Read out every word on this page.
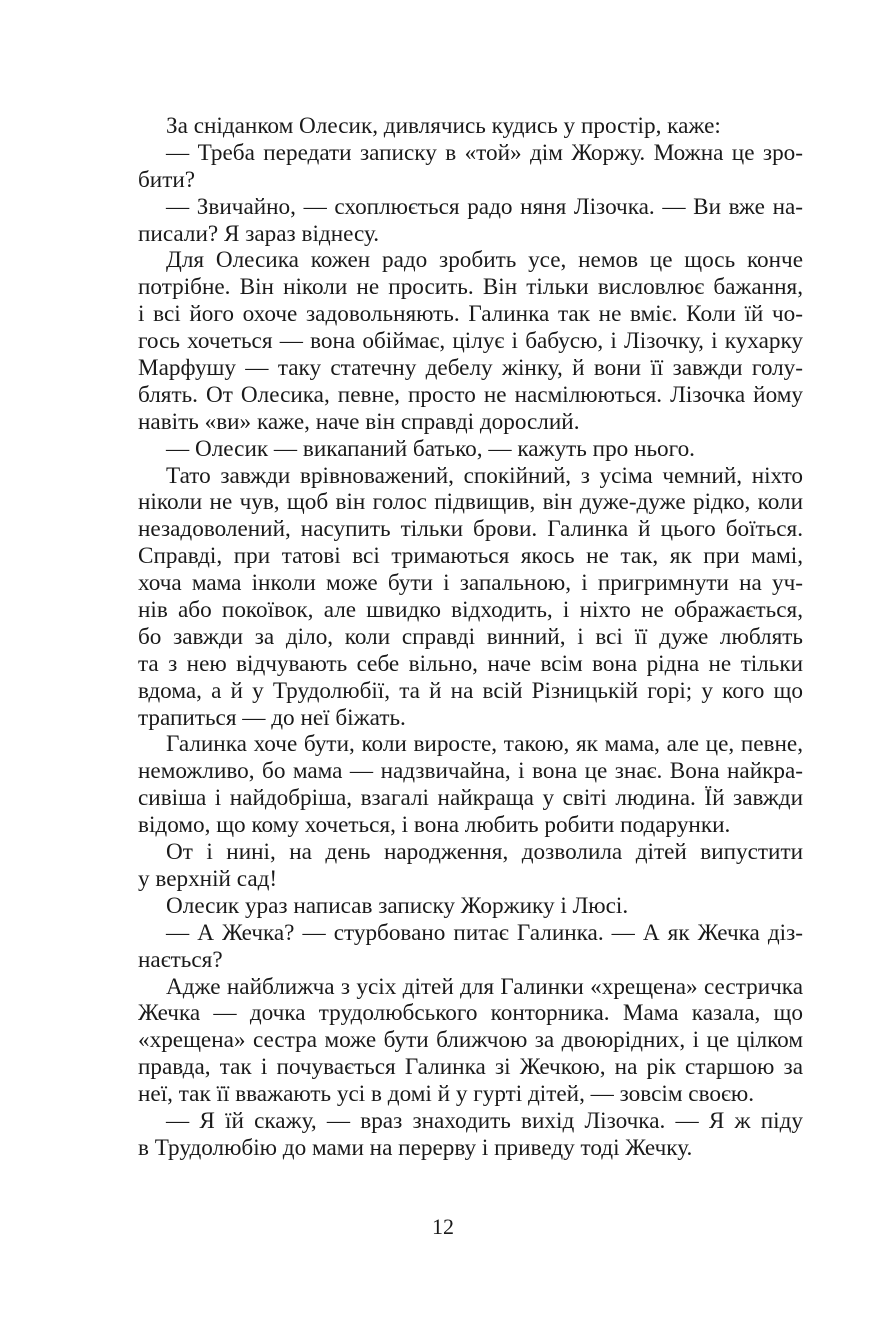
За сніданком Олесик, дивлячись кудись у простір, каже:
— Треба передати записку в «той» дім Жоржу. Можна це зро-
бити?
— Звичайно, — схоплюється радо няня Лізочка. — Ви вже на-
писали? Я зараз віднесу.
Для Олесика кожен радо зробить усе, немов це щось конче
потрібне. Він ніколи не просить. Він тільки висловлює бажання,
і всі його охоче задовольняють. Галинка так не вміє. Коли їй чо-
гось хочеться — вона обіймає, цілує і бабусю, і Лізочку, і кухарку
Марфушу — таку статечну дебелу жінку, й вони її завжди голу-
блять. От Олесика, певне, просто не насмілюються. Лізочка йому
навіть «ви» каже, наче він справді дорослий.
— Олесик — викапаний батько, — кажуть про нього.
Тато завжди врівноважений, спокійний, з усіма чемний, ніхто
ніколи не чув, щоб він голос підвищив, він дуже-дуже рідко, коли
незадоволений, насупить тільки брови. Галинка й цього боїться.
Справді, при татові всі тримаються якось не так, як при мамі,
хоча мама інколи може бути і запальною, і пригримнути на уч-
нів або покоївок, але швидко відходить, і ніхто не ображається,
бо завжди за діло, коли справді винний, і всі її дуже люблять
та з нею відчувають себе вільно, наче всім вона рідна не тільки
вдома, а й у Трудолюбії, та й на всій Різницькій горі; у кого що
трапиться — до неї біжать.
Галинка хоче бути, коли виросте, такою, як мама, але це, певне,
неможливо, бо мама — надзвичайна, і вона це знає. Вона найкра-
сивіша і найдобріша, взагалі найкраща у світі людина. Їй завжди
відомо, що кому хочеться, і вона любить робити подарунки.
От і нині, на день народження, дозволила дітей випустити
у верхній сад!
Олесик ураз написав записку Жоржику і Люсі.
— А Жечка? — стурбовано питає Галинка. — А як Жечка діз-
нається?
Адже найближча з усіх дітей для Галинки «хрещена» сестричка
Жечка — дочка трудолюбського конторника. Мама казала, що
«хрещена» сестра може бути ближчою за двоюрідних, і це цілком
правда, так і почувається Галинка зі Жечкою, на рік старшою за
неї, так її вважають усі в домі й у гурті дітей, — зовсім своєю.
— Я їй скажу, — враз знаходить вихід Лізочка. — Я ж піду
в Трудолюбію до мами на перерву і приведу тоді Жечку.
12
